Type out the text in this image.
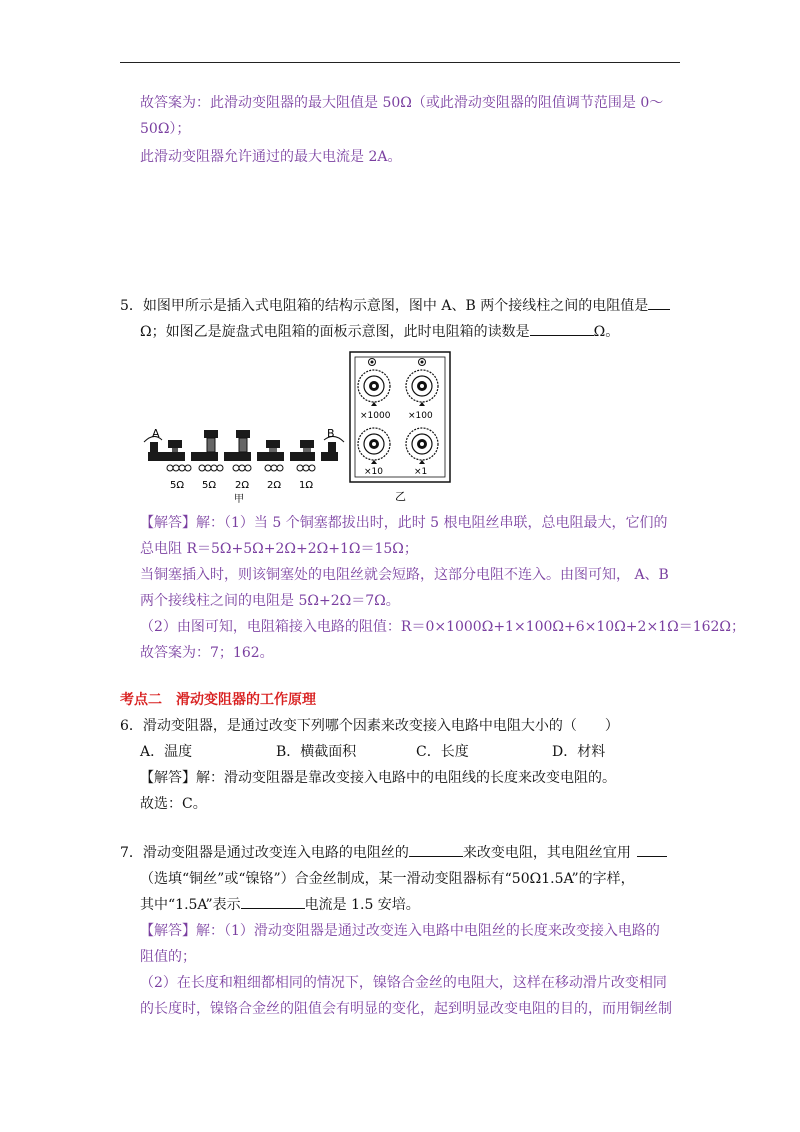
故答案为：此滑动变阻器的最大阻值是 50Ω（或此滑动变阻器的阻值调节范围是 0～
50Ω）；
此滑动变阻器允许通过的最大电流是 2A。
5．如图甲所示是插入式电阻箱的结构示意图，图中 A、B 两个接线柱之间的电阻值是
Ω；如图乙是旋盘式电阻箱的面板示意图，此时电阻箱的读数是	Ω。
A	B
5Ω 5Ω 2Ω 2Ω 1Ω
甲
×1000 ×100
×10	×1
乙
【解答】解：（1）当 5 个铜塞都拔出时，此时 5 根电阻丝串联，总电阻最大，它们的
总电阻 R＝5Ω+5Ω+2Ω+2Ω+1Ω＝15Ω；
当铜塞插入时，则该铜塞处的电阻丝就会短路，这部分电阻不连入。由图可知， A、B
两个接线柱之间的电阻是 5Ω+2Ω＝7Ω。
（2）由图可知，电阻箱接入电路的阻值：R＝0×1000Ω+1×100Ω+6×10Ω+2×1Ω＝162Ω；
故答案为：7；162。
考点二　滑动变阻器的工作原理
6．滑动变阻器，是通过改变下列哪个因素来改变接入电路中电阻大小的（　　）
A．温度	B．横截面积	C．长度	D．材料
【解答】解：滑动变阻器是靠改变接入电路中的电阻线的长度来改变电阻的。
故选：C。
7．滑动变阻器是通过改变连入电路的电阻丝的	来改变电阻，其电阻丝宜用
（选填“铜丝”或“镍铬”）合金丝制成，某一滑动变阻器标有“50Ω1.5A”的字样，
其中“1.5A”表示	电流是 1.5 安培。
【解答】解：（1）滑动变阻器是通过改变连入电路中电阻丝的长度来改变接入电路的
阻值的；
（2）在长度和粗细都相同的情况下，镍铬合金丝的电阻大，这样在移动滑片改变相同
的长度时，镍铬合金丝的阻值会有明显的变化，起到明显改变电阻的目的，而用铜丝制
